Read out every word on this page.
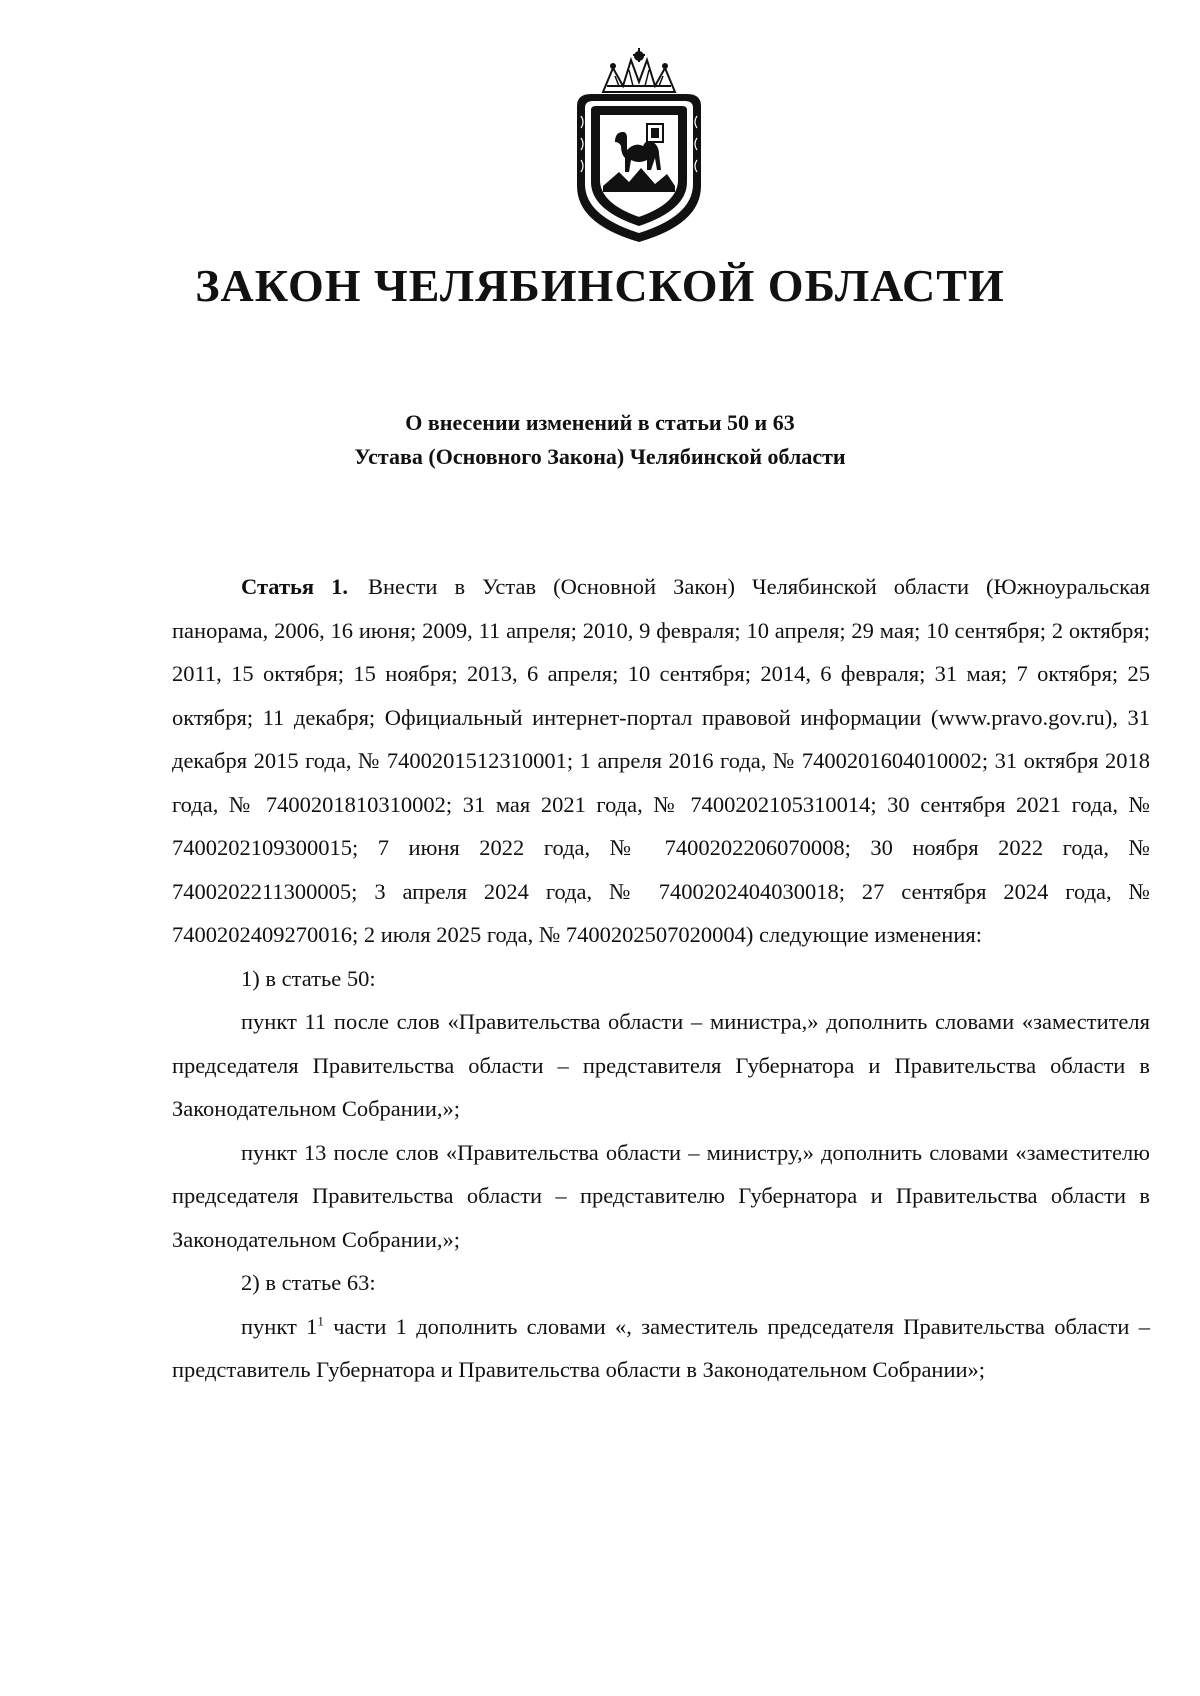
ЗАКОН ЧЕЛЯБИНСКОЙ ОБЛАСТИ
О внесении изменений в статьи 50 и 63
Устава (Основного Закона) Челябинской области

Статья 1. Внести в Устав (Основной Закон) Челябинской области (Южноуральская панорама, 2006, 16 июня; 2009, 11 апреля; 2010, 9 февраля; 10 апреля; 29 мая; 10 сентября; 2 октября; 2011, 15 октября; 15 ноября; 2013, 6 апреля; 10 сентября; 2014, 6 февраля; 31 мая; 7 октября; 25 октября; 11 декабря; Официальный интернет-портал правовой информации (www.pravo.gov.ru), 31 декабря 2015 года, № 7400201512310001; 1 апреля 2016 года, № 7400201604010002; 31 октября 2018 года, № 7400201810310002; 31 мая 2021 года, № 7400202105310014; 30 сентября 2021 года, № 7400202109300015; 7 июня 2022 года, № 7400202206070008; 30 ноября 2022 года, № 7400202211300005; 3 апреля 2024 года, № 7400202404030018; 27 сентября 2024 года, № 7400202409270016; 2 июля 2025 года, № 7400202507020004) следующие изменения:

1) в статье 50:

пункт 11 после слов «Правительства области – министра,» дополнить словами «заместителя председателя Правительства области – представителя Губернатора и Правительства области в Законодательном Собрании,»;

пункт 13 после слов «Правительства области – министру,» дополнить словами «заместителю председателя Правительства области – представителю Губернатора и Правительства области в Законодательном Собрании,»;

2) в статье 63:

пункт $1^1$ части 1 дополнить словами «, заместитель председателя Правительства области – представитель Губернатора и Правительства области в Законодательном Собрании»;
